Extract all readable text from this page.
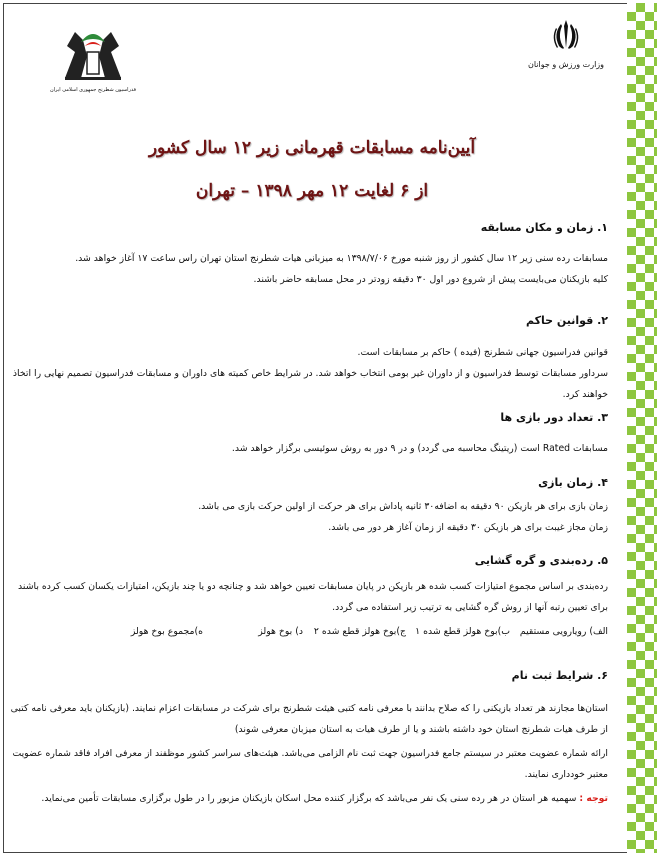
فدراسیون شطرنج جمهوری اسلامی ایران
وزارت ورزش و جوانان
آیین‌نامه مسابقات قهرمانی زیر ۱۲ سال کشور
از ۶ لغایت ۱۲ مهر ۱۳۹۸ – تهران
۱. زمان و مکان مسابقه
مسابقات رده سنی زیر ۱۲ سال کشور از روز شنبه مورخ ۱۳۹۸/۷/۰۶ به میزبانی هیات شطرنج استان تهران راس ساعت ۱۷ آغاز خواهد شد.
کلیه بازیکنان می‌بایست پیش از شروع دور اول ۳۰ دقیقه زودتر در محل مسابقه حاضر باشند.
۲. قوانین حاکم
قوانین فدراسیون جهانی شطرنج (فیده ) حاکم بر مسابقات است.
سرداور مسابقات توسط فدراسیون و از داوران غیر بومی انتخاب خواهد شد. در شرایط خاص کمیته های داوران و مسابقات فدراسیون تصمیم نهایی را اتخاذ خواهند کرد.
۳. تعداد دور بازی ها
مسابقات Rated است (ریتینگ محاسبه می گردد) و در ۹ دور به روش سوئیسی برگزار خواهد شد.
۴. زمان بازی
زمان بازی برای هر بازیکن ۹۰ دقیقه به اضافه۳۰ ثانیه پاداش برای هر حرکت از اولین حرکت بازی می باشد.
زمان مجاز غیبت برای هر بازیکن ۳۰ دقیقه از زمان آغاز هر دور می باشد.
۵. رده‌بندی و گره گشایی
رده‌بندی بر اساس مجموع امتیازات کسب شده هر بازیکن در پایان مسابقات تعیین خواهد شد و چنانچه دو یا چند بازیکن، امتیازات یکسان کسب کرده باشند برای تعیین رتبه آنها از روش گره گشایی به ترتیب زیر استفاده می گردد.
الف) رویارویی مستقیم
ب)بوخ هولز قطع شده ۱
ج)بوخ هولز قطع شده ۲
د) بوخ هولز
ه)مجموع بوخ هولز
۶. شرایط ثبت نام
استان‌ها مجازند هر تعداد بازیکنی را که صلاح بدانند با معرفی نامه کتبی هیئت شطرنج برای شرکت در مسابقات اعزام نمایند. (بازیکنان باید معرفی نامه کتبی از طرف هیات شطرنج استان خود داشته باشند و یا از طرف هیات به استان میزبان معرفی شوند)
ارائه شماره عضویت معتبر در سیستم جامع فدراسیون جهت ثبت نام الزامی می‌باشد. هیئت‌های سراسر کشور موظفند از معرفی افراد فاقد شماره عضویت معتبر خودداری نمایند.
توجه : سهمیه هر استان در هر رده سنی یک نفر می‌باشد که برگزار کننده محل اسکان بازیکنان مزبور را در طول برگزاری مسابقات تأمین می‌نماید.
